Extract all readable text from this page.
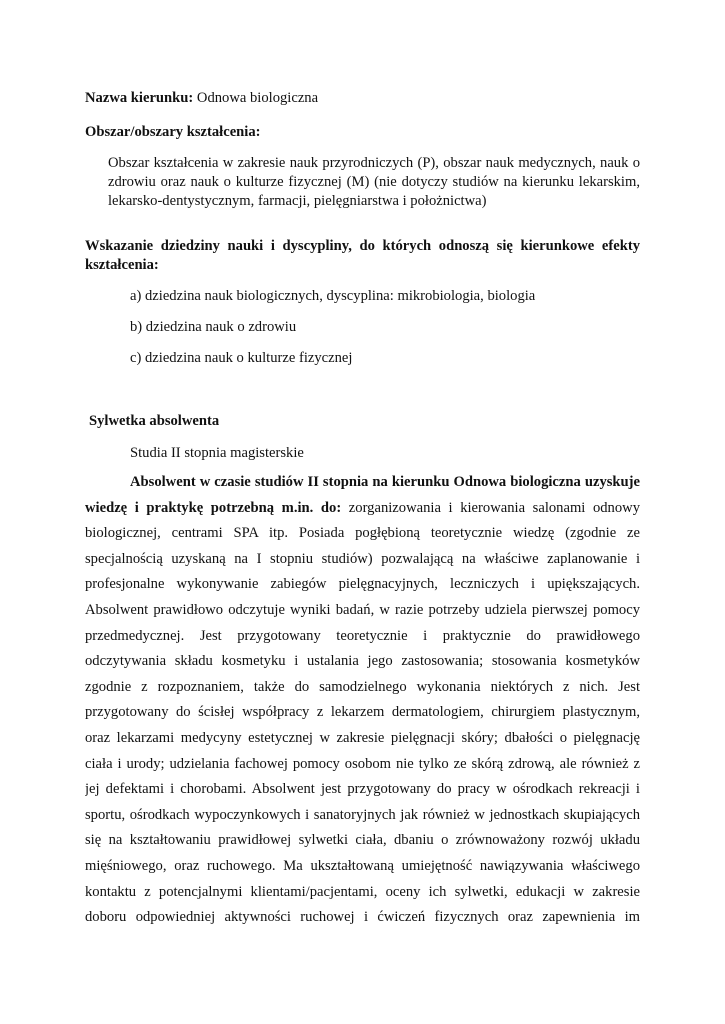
Nazwa kierunku: Odnowa biologiczna
Obszar/obszary kształcenia:
Obszar kształcenia w zakresie nauk przyrodniczych (P), obszar nauk medycznych, nauk o
zdrowiu oraz nauk o kulturze fizycznej (M) (nie dotyczy studiów na kierunku lekarskim,
lekarsko-dentystycznym, farmacji, pielęgniarstwa i położnictwa)
Wskazanie dziedziny nauki i dyscypliny, do których odnoszą się kierunkowe efekty
kształcenia:
a) dziedzina nauk biologicznych, dyscyplina: mikrobiologia, biologia
b) dziedzina nauk o zdrowiu
c) dziedzina nauk o kulturze fizycznej
Sylwetka absolwenta
Studia II stopnia magisterskie
Absolwent w czasie studiów II stopnia na kierunku Odnowa biologiczna uzyskuje
wiedzę i praktykę potrzebną m.in. do: zorganizowania i kierowania salonami odnowy
biologicznej, centrami SPA itp. Posiada pogłębioną teoretycznie wiedzę (zgodnie ze
specjalnością uzyskaną na I stopniu studiów) pozwalającą na właściwe zaplanowanie i
profesjonalne wykonywanie zabiegów pielęgnacyjnych, leczniczych i upiększających.
Absolwent prawidłowo odczytuje wyniki badań, w razie potrzeby udziela pierwszej pomocy
przedmedycznej. Jest przygotowany teoretycznie i praktycznie do prawidłowego
odczytywania składu kosmetyku i ustalania jego zastosowania; stosowania kosmetyków
zgodnie z rozpoznaniem, także do samodzielnego wykonania niektórych z nich. Jest
przygotowany do ścisłej współpracy z lekarzem dermatologiem, chirurgiem plastycznym,
oraz lekarzami medycyny estetycznej w zakresie pielęgnacji skóry; dbałości o pielęgnację
ciała i urody; udzielania fachowej pomocy osobom nie tylko ze skórą zdrową, ale również z
jej defektami i chorobami. Absolwent jest przygotowany do pracy w ośrodkach rekreacji i
sportu, ośrodkach wypoczynkowych i sanatoryjnych jak również w jednostkach skupiających
się na kształtowaniu prawidłowej sylwetki ciała, dbaniu o zrównoważony rozwój układu
mięśniowego, oraz ruchowego. Ma ukształtowaną umiejętność nawiązywania właściwego
kontaktu z potencjalnymi klientami/pacjentami, oceny ich sylwetki, edukacji w zakresie
doboru odpowiedniej aktywności ruchowej i ćwiczeń fizycznych oraz zapewnienia im
